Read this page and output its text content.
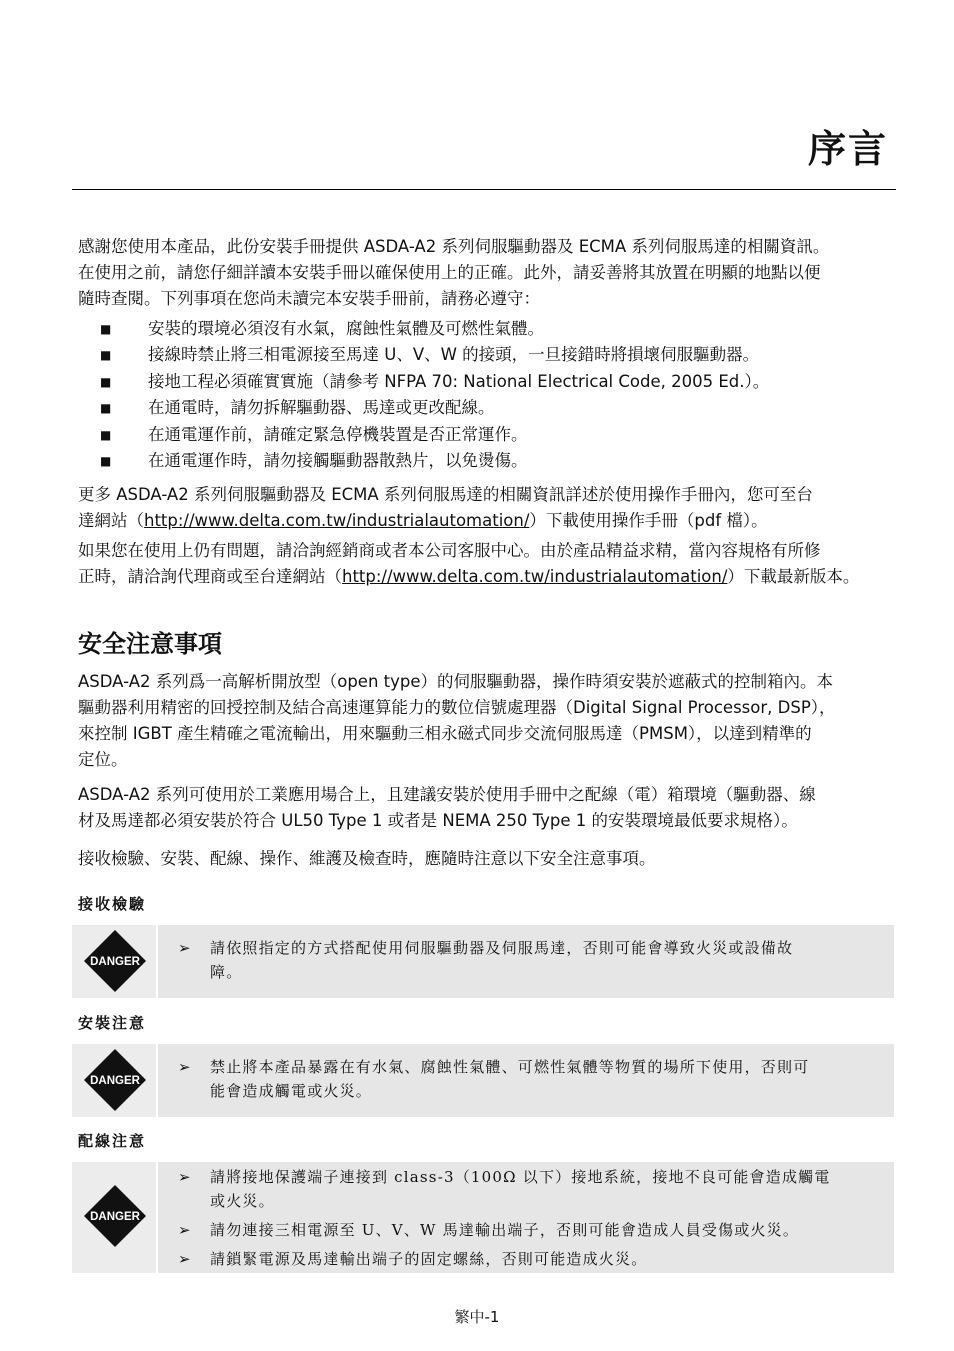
序言
感謝您使用本產品，此份安裝手冊提供 ASDA-A2 系列伺服驅動器及 ECMA 系列伺服馬達的相關資訊。
在使用之前，請您仔細詳讀本安裝手冊以確保使用上的正確。此外，請妥善將其放置在明顯的地點以便
隨時查閱。下列事項在您尚未讀完本安裝手冊前，請務必遵守：
■	安裝的環境必須沒有水氣，腐蝕性氣體及可燃性氣體。
■	接線時禁止將三相電源接至馬達 U、V、W 的接頭，一旦接錯時將損壞伺服驅動器。
■	接地工程必須確實實施（請參考 NFPA 70: National Electrical Code, 2005 Ed.）。
■	在通電時，請勿拆解驅動器、馬達或更改配線。
■	在通電運作前，請確定緊急停機裝置是否正常運作。
■	在通電運作時，請勿接觸驅動器散熱片，以免燙傷。
更多 ASDA-A2 系列伺服驅動器及 ECMA 系列伺服馬達的相關資訊詳述於使用操作手冊內，您可至台
達網站（http://www.delta.com.tw/industrialautomation/）下載使用操作手冊（pdf 檔）。
如果您在使用上仍有問題，請洽詢經銷商或者本公司客服中心。由於產品精益求精，當內容規格有所修
正時，請洽詢代理商或至台達網站（http://www.delta.com.tw/industrialautomation/）下載最新版本。
安全注意事項
ASDA-A2 系列爲一高解析開放型（open type）的伺服驅動器，操作時須安裝於遮蔽式的控制箱內。本
驅動器利用精密的回授控制及結合高速運算能力的數位信號處理器（Digital Signal Processor, DSP），
來控制 IGBT 產生精確之電流輸出，用來驅動三相永磁式同步交流伺服馬達（PMSM），以達到精準的
定位。
ASDA-A2 系列可使用於工業應用場合上，且建議安裝於使用手冊中之配線（電）箱環境（驅動器、線
材及馬達都必須安裝於符合 UL50 Type 1 或者是 NEMA 250 Type 1 的安裝環境最低要求規格）。
接收檢驗、安裝、配線、操作、維護及檢查時，應隨時注意以下安全注意事項。
接收檢驗
DANGER
➢	請依照指定的方式搭配使用伺服驅動器及伺服馬達，否則可能會導致火災或設備故
障。
安裝注意
DANGER
➢	禁止將本產品暴露在有水氣、腐蝕性氣體、可燃性氣體等物質的場所下使用，否則可
能會造成觸電或火災。
配線注意
DANGER
➢	請將接地保護端子連接到 class-3（100Ω 以下）接地系統，接地不良可能會造成觸電
或火災。
➢	請勿連接三相電源至 U、V、W 馬達輸出端子，否則可能會造成人員受傷或火災。
➢	請鎖緊電源及馬達輸出端子的固定螺絲，否則可能造成火災。
繁中-1
